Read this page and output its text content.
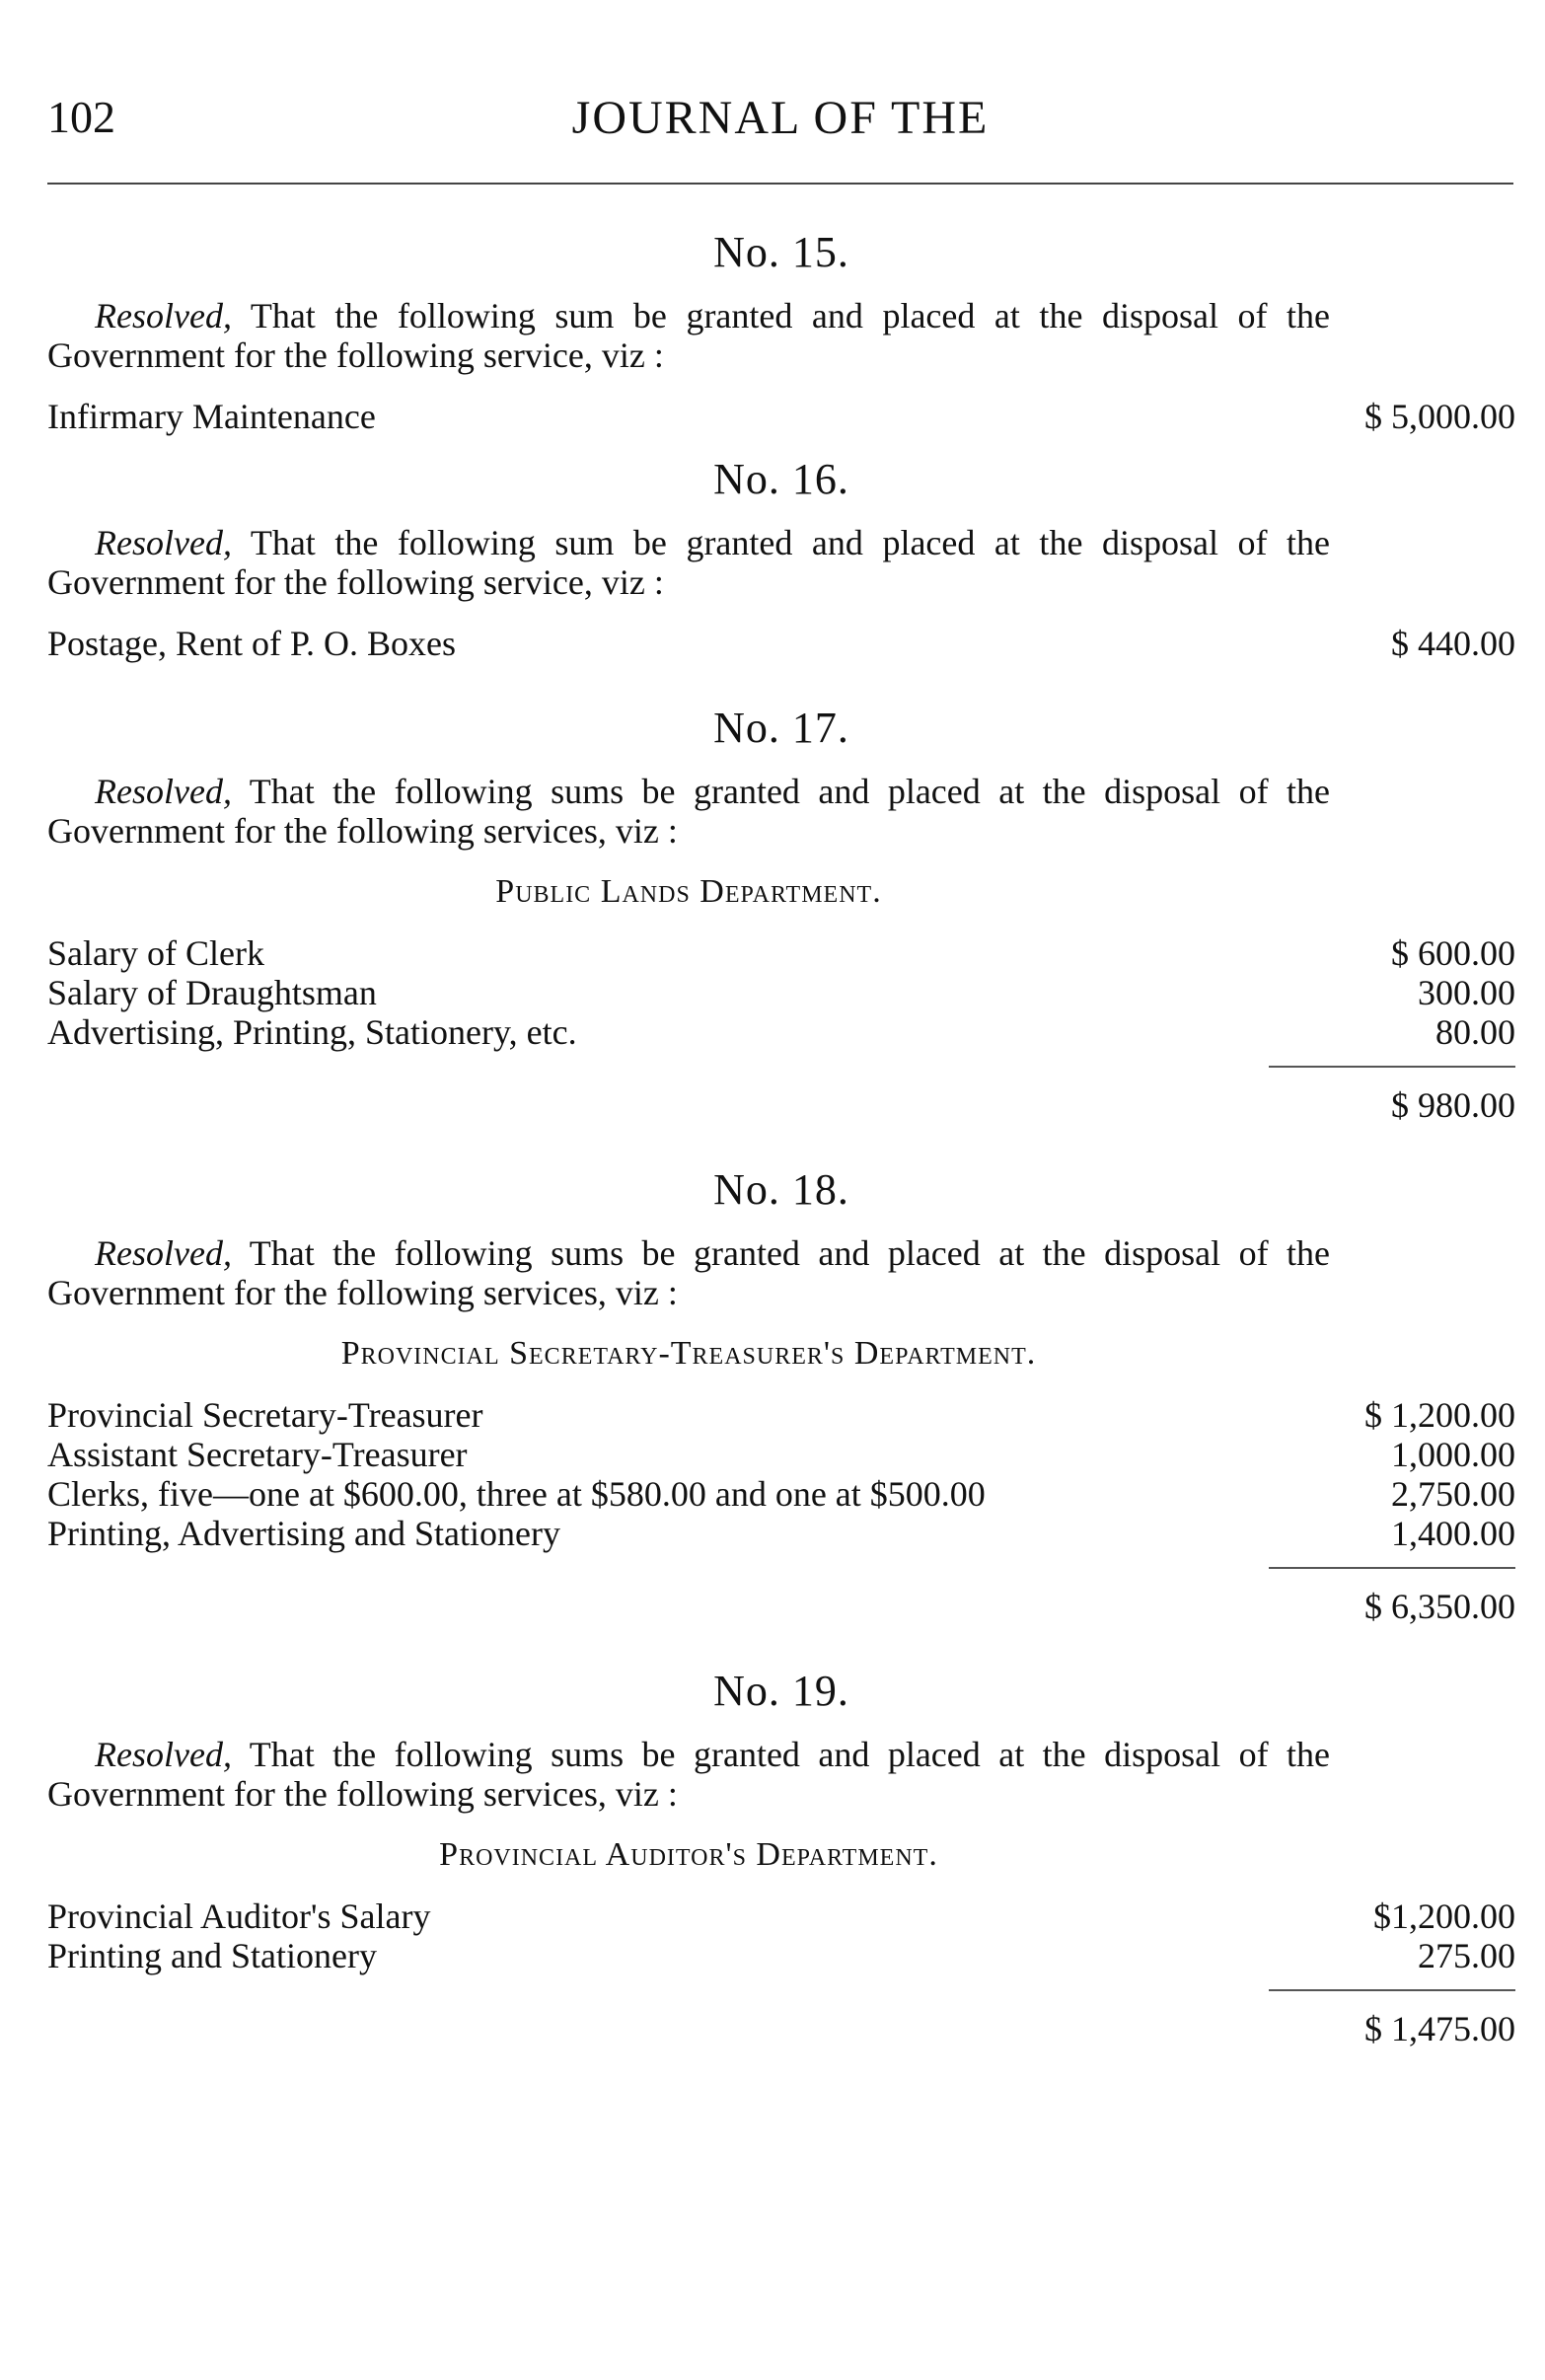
102	JOURNAL OF THE
No. 15.

Resolved, That the following sum be granted and placed at the disposal of the Government for the following service, viz :

Infirmary Maintenance	$ 5,000.00
No. 16.

Resolved, That the following sum be granted and placed at the disposal of the Government for the following service, viz :

Postage, Rent of P. O. Boxes	$ 440.00
No. 17.

Resolved, That the following sums be granted and placed at the disposal of the Government for the following services, viz :

Public Lands Department.
Salary of Clerk	$ 600.00
Salary of Draughtsman	300.00
Advertising, Printing, Stationery, etc.	80.00
$ 980.00
No. 18.

Resolved, That the following sums be granted and placed at the disposal of the Government for the following services, viz :

Provincial Secretary-Treasurer's Department.
Provincial Secretary-Treasurer	$ 1,200.00
Assistant Secretary-Treasurer	1,000.00
Clerks, five—one at $600.00, three at $580.00 and one at $500.00	2,750.00
Printing, Advertising and Stationery	1,400.00
$ 6,350.00
No. 19.

Resolved, That the following sums be granted and placed at the disposal of the Government for the following services, viz :

Provincial Auditor's Department.
Provincial Auditor's Salary	$1,200.00
Printing and Stationery	275.00
$ 1,475.00
